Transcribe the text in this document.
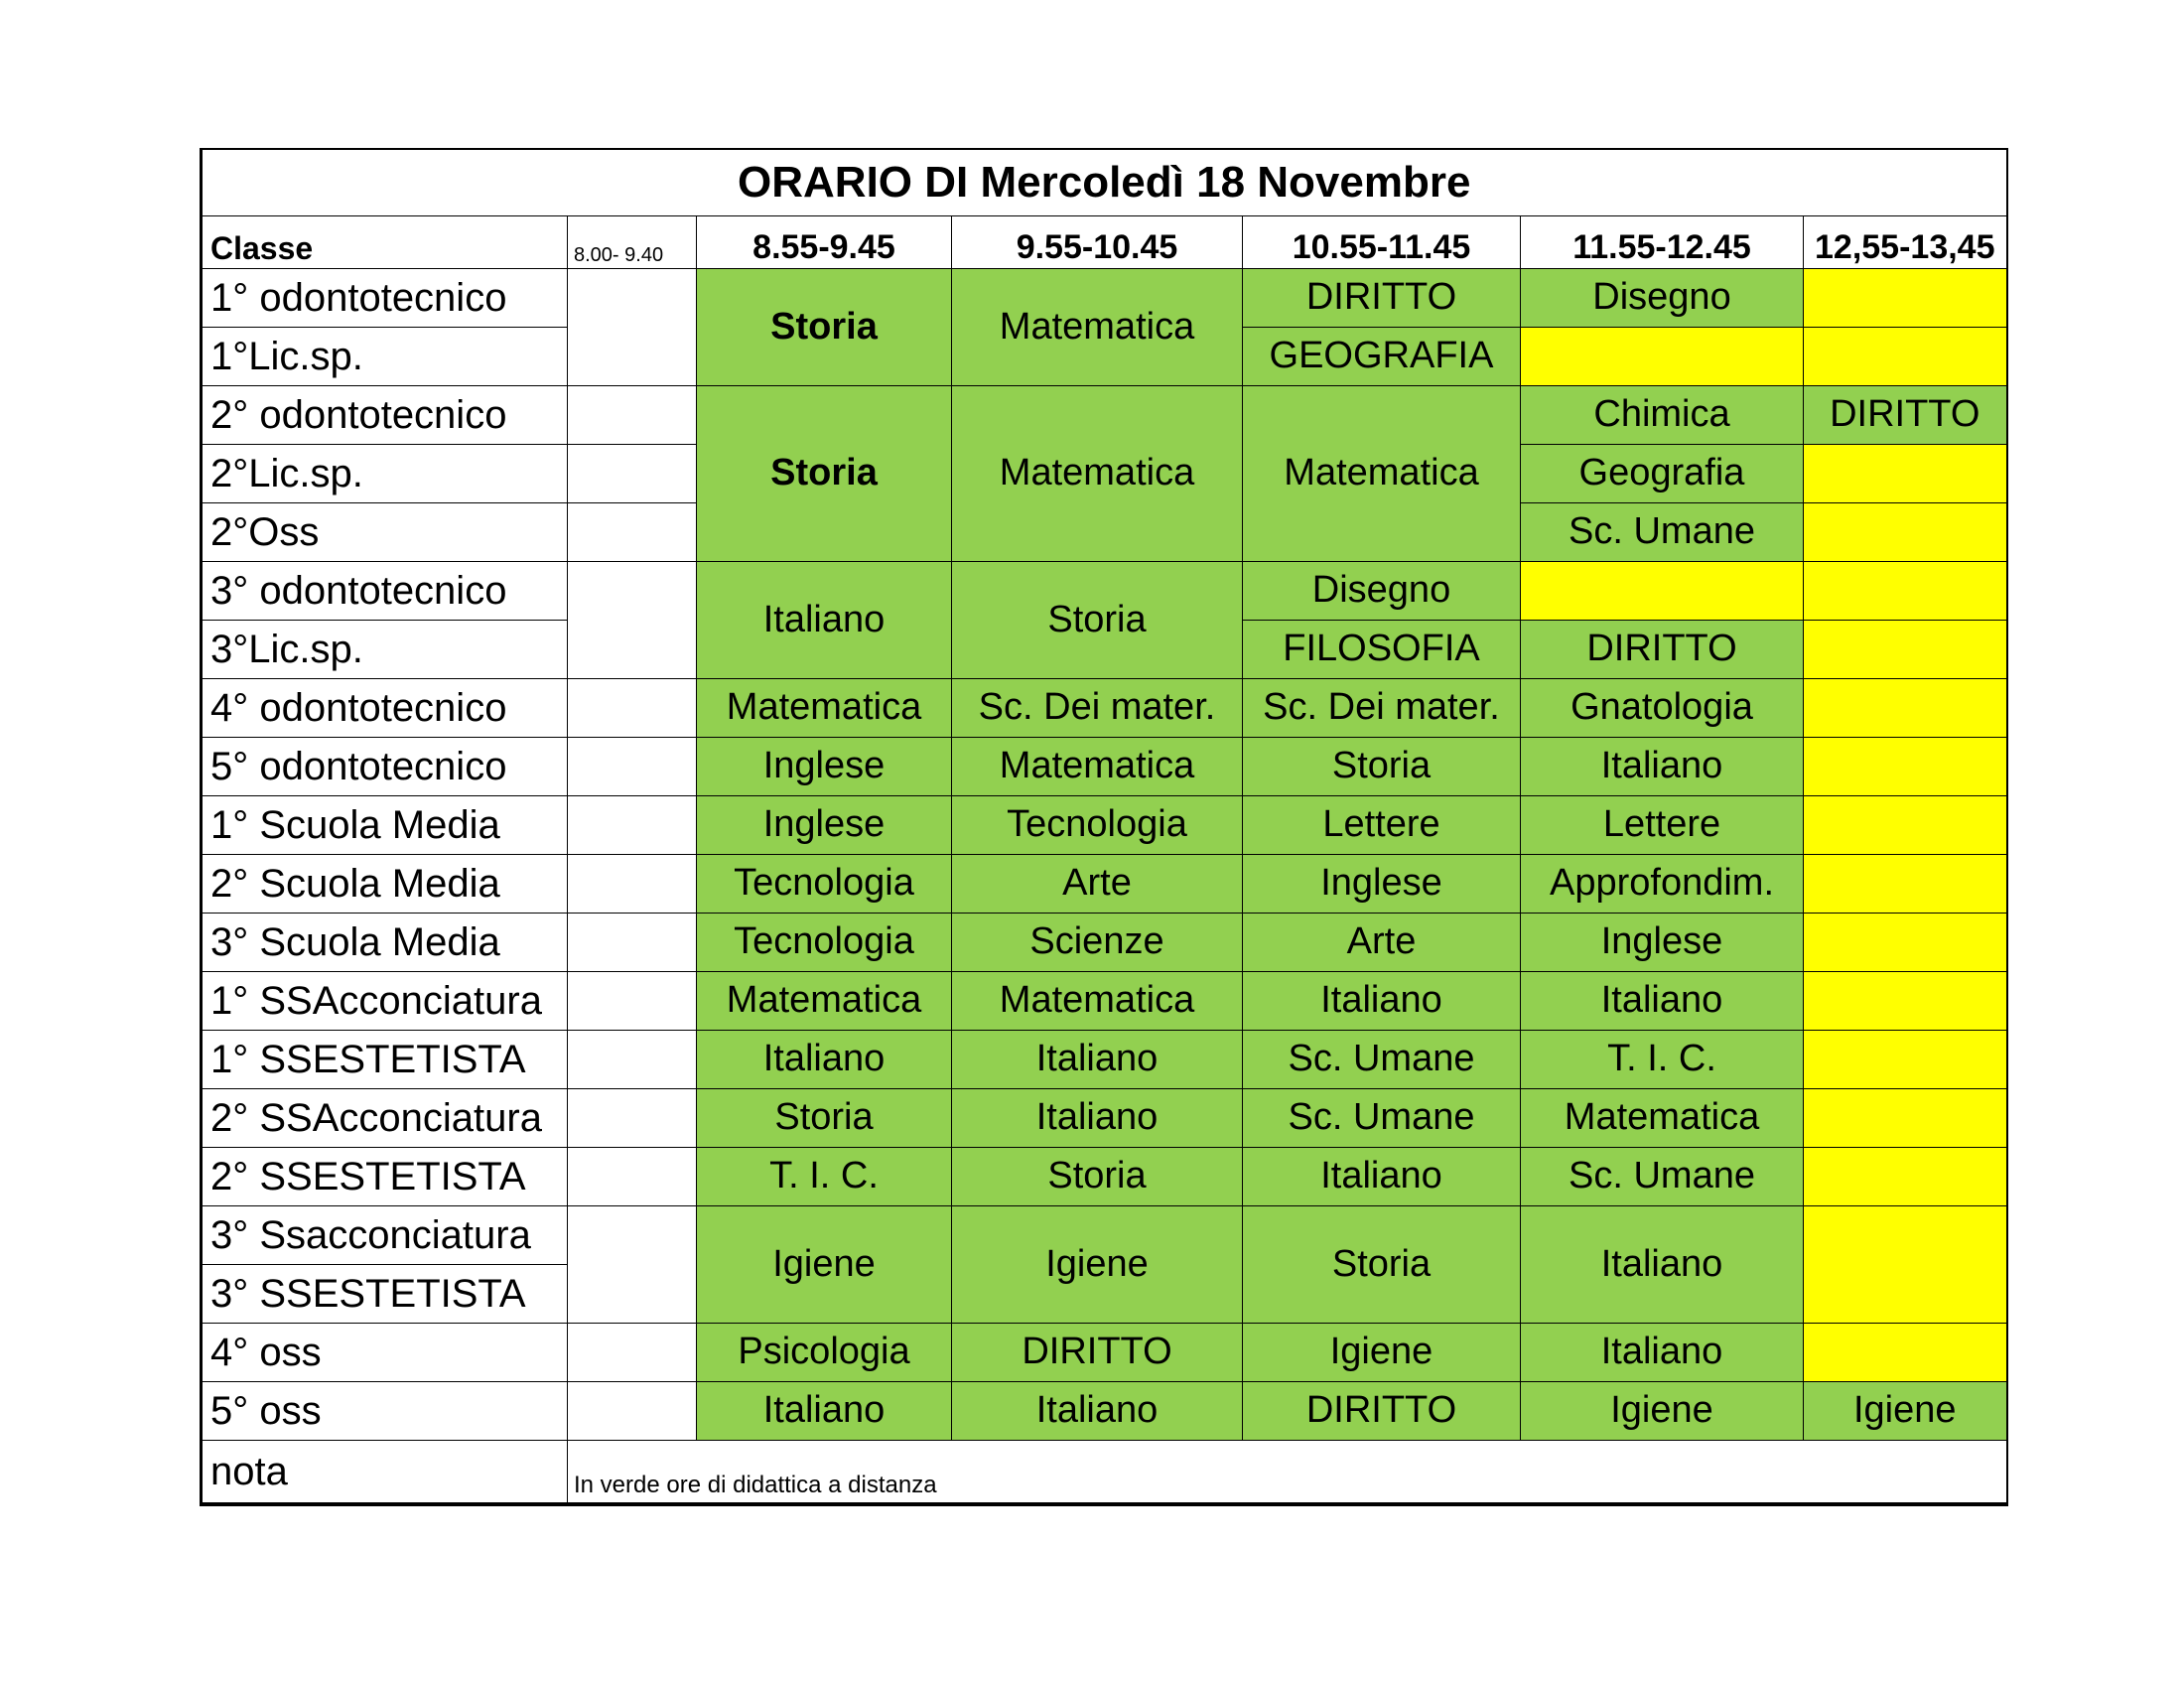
ORARIO DI Mercoledì 18 Novembre						
Classe	8.00- 9.40	8.55-9.45	9.55-10.45	10.55-11.45	11.55-12.45	12,55-13,45
1° odontotecnico		Storia	Matematica	DIRITTO	Disegno	
1°Lic.sp.				GEOGRAFIA		
2° odontotecnico		Storia	Matematica	Matematica	Chimica	DIRITTO
2°Lic.sp.					Geografia	
2°Oss					Sc. Umane	
3° odontotecnico		Italiano	Storia	Disegno		
3°Lic.sp.				FILOSOFIA	DIRITTO	
4° odontotecnico		Matematica	Sc. Dei mater.	Sc. Dei mater.	Gnatologia	
5° odontotecnico		Inglese	Matematica	Storia	Italiano	
1° Scuola Media		Inglese	Tecnologia	Lettere	Lettere	
2° Scuola Media		Tecnologia	Arte	Inglese	Approfondim.	
3° Scuola Media		Tecnologia	Scienze	Arte	Inglese	
1° SSAcconciatura		Matematica	Matematica	Italiano	Italiano	
1° SSESTETISTA		Italiano	Italiano	Sc. Umane	T. I. C.	
2° SSAcconciatura		Storia	Italiano	Sc. Umane	Matematica	
2° SSESTETISTA		T. I. C.	Storia	Italiano	Sc. Umane	
3° Ssacconciatura		Igiene	Igiene	Storia	Italiano	
3° SSESTETISTA						
4° oss		Psicologia	DIRITTO	Igiene	Italiano	
5° oss		Italiano	Italiano	DIRITTO	Igiene	Igiene
nota	In verde ore di didattica a distanza					
